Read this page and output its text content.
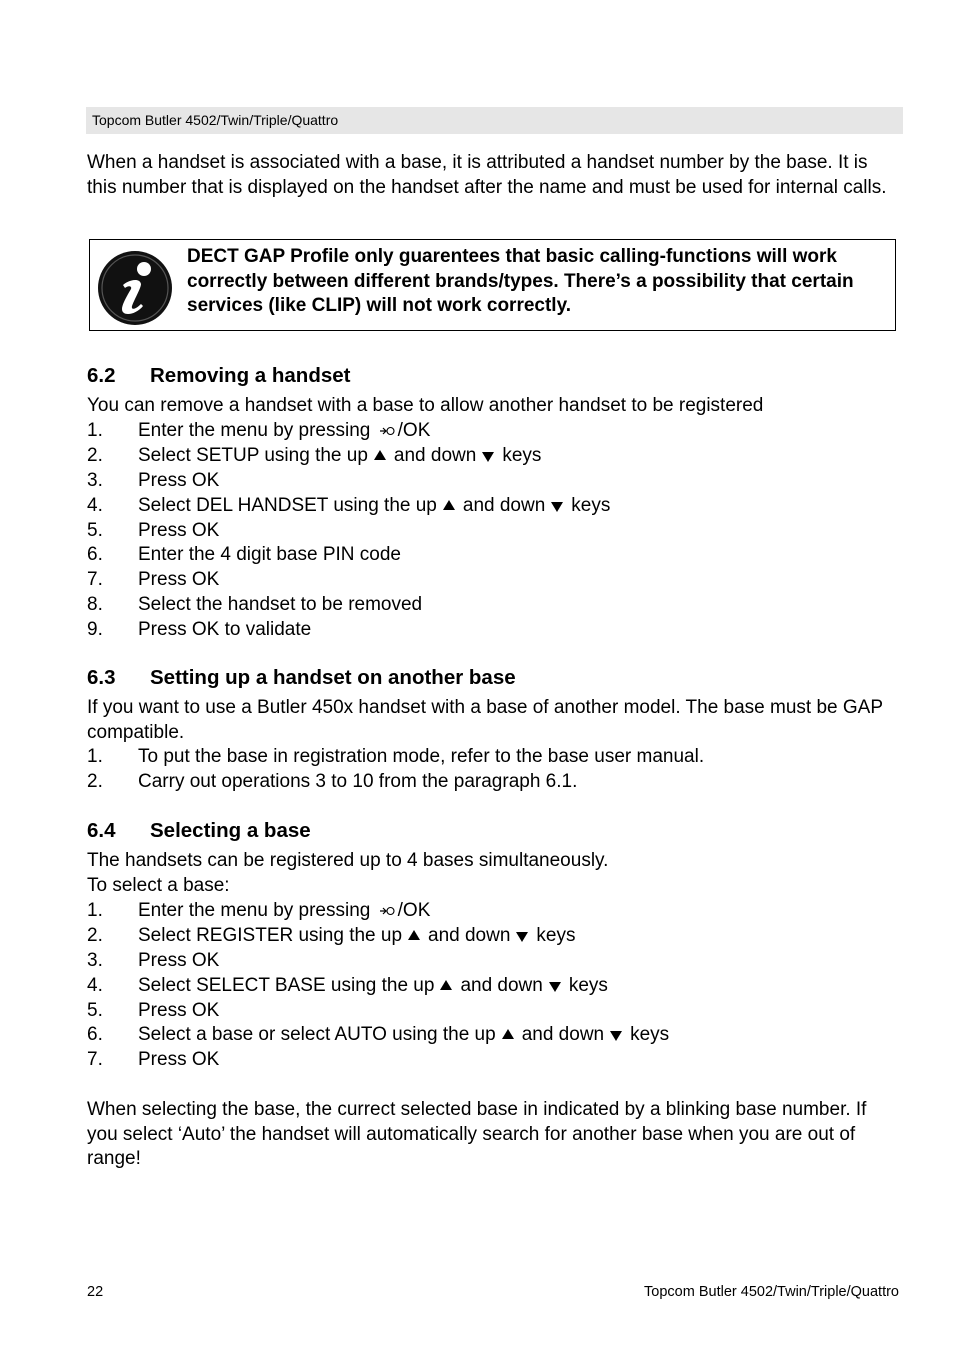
Topcom Butler 4502/Twin/Triple/Quattro

When a handset is associated with a base, it is attributed a handset number by the base. It is this number that is displayed on the handset after the name and must be used for internal calls.

DECT GAP Profile only guarentees that basic calling-functions will work correctly between different brands/types. There’s a possibility that certain services (like CLIP) will not work correctly.
6.2 Removing a handset

You can remove a handset with a base to allow another handset to be registered

1. Enter the menu by pressing /OK
2. Select SETUP using the up and down keys
3. Press OK
4. Select DEL HANDSET using the up and down keys
5. Press OK
6. Enter the 4 digit base PIN code
7. Press OK
8. Select the handset to be removed
9. Press OK to validate
6.3 Setting up a handset on another base

If you want to use a Butler 450x handset with a base of another model. The base must be GAP compatible.

1. To put the base in registration mode, refer to the base user manual.
2. Carry out operations 3 to 10 from the paragraph 6.1.
6.4 Selecting a base

The handsets can be registered up to 4 bases simultaneously.

To select a base:

1. Enter the menu by pressing /OK
2. Select REGISTER using the up and down keys
3. Press OK
4. Select SELECT BASE using the up and down keys
5. Press OK
6. Select a base or select AUTO using the up and down keys
7. Press OK

When selecting the base, the currect selected base in indicated by a blinking base number. If you select ‘Auto’ the handset will automatically search for another base when you are out of range!

22	Topcom Butler 4502/Twin/Triple/Quattro
